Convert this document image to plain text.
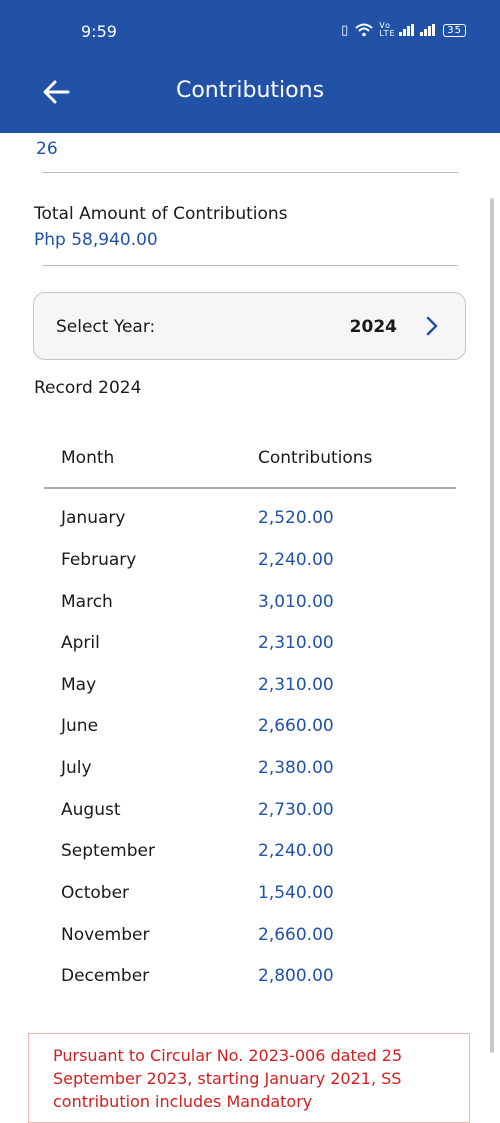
9:59	▯	Vo LTE	35
Contributions
26
Total Amount of Contributions
Php 58,940.00
Select Year:	2024
Record 2024
Month	Contributions
January	2,520.00
February	2,240.00
March	3,010.00
April	2,310.00
May	2,310.00
June	2,660.00
July	2,380.00
August	2,730.00
September	2,240.00
October	1,540.00
November	2,660.00
December	2,800.00
Pursuant to Circular No. 2023-006 dated 25 September 2023, starting January 2021, SS contribution includes Mandatory
